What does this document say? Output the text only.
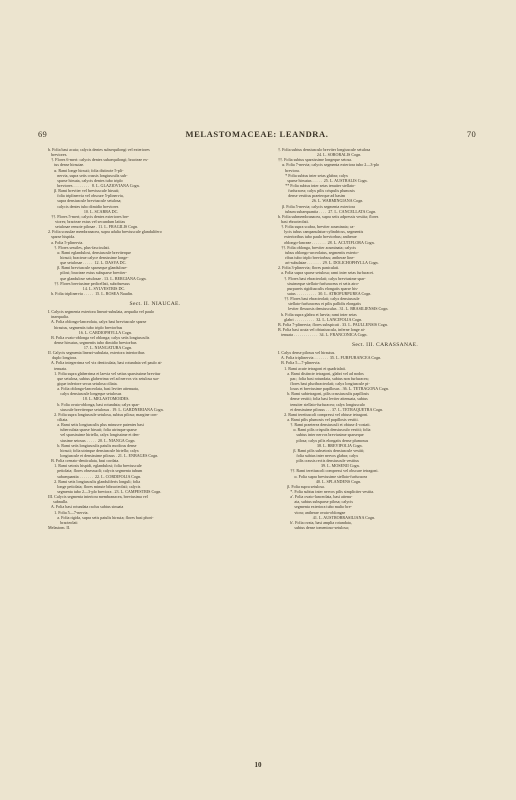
69	MELASTOMACEAE: LEANDRA.	70
b. Folia basi acuta; calycis dentes subsequilongi vel exteriores
breviores.
†. Flores 6-meri: calycis dentes subaequilongi; bracteae ex-
tus dense hirsutae.
α. Rami longe hirsuti; folia distincte 5-pli-
nervia, supra setis crassis longiusculis sub-
sparse hirsuta, calycis dentes tubo triplo
breviores . . . . . . . .   8. L. GLAZIOVIANA Cogn.
β. Rami breviter vel breviuscule hirsuti;
folia triplinervia vel obscure 5-plinervia,
supra densiuscule breviuscule setulosa;
calycis dentes tubo dimidio breviores
10. L. SCABRA DC.
††. Flores 5-meri; calycis dentes exteriores bre-
viores; bracteae extus vel secundum latitas
setulosae remote pilosae . 11. L. FRAGILIS Cogn.
2. Folia scruulae membranacea, supra adulta breviuscule glandulifero
sparse hispida.
a. Folia 5-plinervia.
†. Flores sessiles, plus-fasciculati.
α. Rami eglandulosi, densiuscule breviterque
hirsuti; bracteae calyce densissime longe-
que setulosae . . . . .  12. L. DASYA DC.
β. Rami breviuscule sparseque glandulose-
pilosi; bracteae extus subsparse breviter-
que glandulose setulosae . 13. L. BERGIANA Cogn.
††. Flores breviusime pedicellati, subobsessus
14. L. SYLVESTRIS DC.
b. Folia triplinervia . . . . .  15. L. ROSEA Naudin.
Sect. II. NIAUCAE.
I. Calycis segmenta exteriora lineari-subulata, aequalia vel paulo
inaequalia.
A. Folia oblongo-lanceolata, calyx basi breviuscule sparse
hirsutus, segmentis tubo triplo breviorbus
16. L. CARDIOPHYLLA Cogn.
B. Folia ovato-oblonga vel oblonga; calyx setis longiusculis
dense hirsutus, segmentis tubo dimidio breviorbus
17. L. NIANGATUBA Cogn.
II. Calycis segmenta lineari-subulata, exteriora interioribus
duplo longiora.
A. Folia integerrima vel vix denticulata, basi rotundata vel paulo at-
tenuata.
1. Folia supra glaberrima et laevia vel setius sparsissime brevitur
que setulosa, subtus glaberrima vel ad nervos vix setulosa sur-
gique inferiore secus setulosa ciliata.
a. Folia oblongo-lanceolata, basi leviter attenuata,
calyx densiuscule longeque setulosus
18. L. MELASTOMOIDES.
b. Folia ovato-oblonga, basi rotundata; calyx spar-
siuscule breviterque setulosus . 19. L. GARDNERIANA Cogn.
2. Folia supra longiuscule setulosa, subtus pilosa; margine con-
ciliata.
a. Rami setis longiusculis plus minusve patentes basi
tuberculata sparse hirsuti; folia utrinque sparse
vel sparsissime hirtella, calyx longissime et den-
siusime setosus . . . . .  20. L. NIANGA Cogn.
b. Rami setis longiusculis patulis modicus dense
hirsuti; folia utrinque densiuscule hirtella; calyx
longiuscule et densissime pilosus . 21. L. ENBAGES Cogn.
B. Folia crenato-denticulata, basi cordata.
1. Rami setosis hispidi, eglandulosi; folia breviuscule
petiolata; flores obsessuoli; calycis segmenta tubum
subaequantia . . . . . . .  22. L. CORDIFOLIA Cogn.
2. Rami setis longiusculis glanduliferis longuli; folia
longe petiolata; flores minute bibracteolati; calycis
segmenta tubo 2—3-plo breviora . 23. L. CAMPESTRIS Cogn.
III. Calycis segmenta interiora membranacea, breviusima vel
subnulla.
A. Folia basi rotundata raclus subtus sinuata
1. Folia 5—7-nervia.
a. Folia rigida, supra setis patulis hirsuta; flores basi phori-
bracteolati
Melastom. II.
†. Folia subtus densiusculo breviter longiuscule setulosa
24. L. SORORALIS Cogn.
††. Folia subtus sparsissime longeque setosa.
α. Folia 7-nervia; calycis segmenta exteriora tubo 2—3-plo
breviora.
* Folia subtus inter setas glabra; calyx
sparse hirsutus . . . . .  25. L. AUSTRALIS Cogn.
** Folia subtus inter setas tenuiter stellato-
furfuracea; calyx pilis crispulis plumosis
dense vestitus praeterque ad basim
26. L. WARMINGIANA Cogn.
β. Folia 5-nervia; calycis segmenta exteriora
tubum subaequantia . . . .  27. L. CANCELLATA Cogn.
b. Folia submembranacea, supra setis adpressis vestita; flores
basi ebracteolati.
†. Folia supra scabra, breviter acuminata; ca-
lycis tubus campanulatus-cylindricus, segmentis
exterioribus tubo paulo breviorbus; antherae
oblongo-lanceae . . . . . . .  28. L. ACUTIFLORA Cogn.
††. Folia oblonga, breviter acuminata; calycis
tubus oblongo-urceolatus, segmentis exterio-
ribus tubo triplo breviorbus; antherae line-
ari-subulatae . . . . . . .  29. L. DOLICHOPHYLLA Cogn.
2. Folia 3-plinervia; flores paniculati.
a. Folia supra sparse setulosa; rami inter setas furfuracei.
†. Flores basi ebracteolati; calyx breviusime spar-
sissimeque stellato-furfuraceus et setis atro-
purpureis rigidiusculis elongatis sparse his-
sutus . . . . . . . . . .  30. L. ATROPURPUREA Cogn.
††. Flores basi ebracteolati; calyx densiuscule
stellato-furfuraceus et pilis pallidis elongatis
leviter flexuosis densiusculus . 31. L. BRASILIENSIS Cogn.
b. Folia supra glabra et laevia; rami inter setas
glabri . . . . . . . . . .  32. L. LANCIFOLIA Cogn.
B. Folia 7-plinervia; flores subspicati . 33. L. PAULLENSIS Cogn.
B. Folia basi acuta vel obtusiuscula, inferne longe at-
tenuata . . . . . . . . . . . .  34. L. FRANCONICA Cogn.
Sect. III. CARASSANAE.
I. Calyx dense pilosus vel hirsutus.
A. Folia triplinervia . . . . . . .  35. L. FURFURANCEA Cogn.
B. Folia 5—7-plinervia.
1. Rami acute tetragoni et quadrialati.
a. Rami distincte tetragoni, glabri vel ad nodos
par.; folia basi rotundata, subtus non furfuracea;
flores basi pluribracteolati; calyx longiuscule pi-
losus et breviusime papillosus . 36. L. TETRAGONA Cogn.
b. Rami subtetragoni, pilis crassiusculis papillosis
dense vestiti; folia basi leviter attenuata, subtus
tenuiter stellato-furfuracea; calyx longiusculo
et densissime pilosus . . . 37. L. TETRAQUETRA Cogn.
2. Rami teretiuscoli compressi vel obtuse tetragoni.
a. Rami pilis plumosis vel papillosis vestiti.
†. Rami praeterea densiusculi et obtuse 4-costati.
α. Rami pilis crispulis densiusculo vestiti; folia
subtus inter nervos breviusime sparseque
pilosa; calyx pilis elongatis dense plumosus
38. L. BREVIFOLIA Cogn.
β. Rami pilis subsetosis densiuscule vestiti;
folia subtus inter nervos glabra; calyx
pilis crassis rectis densiuscule vestitus
39. L. MOSENII Cogn.
††. Rami teretiuscoli compressi vel obscure tetragoni.
α. Folia supra breviusime stellato-furfuracea
40. L. SPLANDENS Cogn.
β. Folia supra setulosa.
*. Folia subtus inter nervos pilis simpliciter vestita.
a'. Folia ovato-lanceolata, basi attenu-
ata, subtus subsparse pilosa; calycis
segmenta exteriora tubo multo bre-
viora; antherae ovato-oblongae
41. L. AUSTROBRASILIANA Cogn.
b'. Folia ovata, basi amplia rotundata,
subtus dense tomentoso-setulosa;
10
